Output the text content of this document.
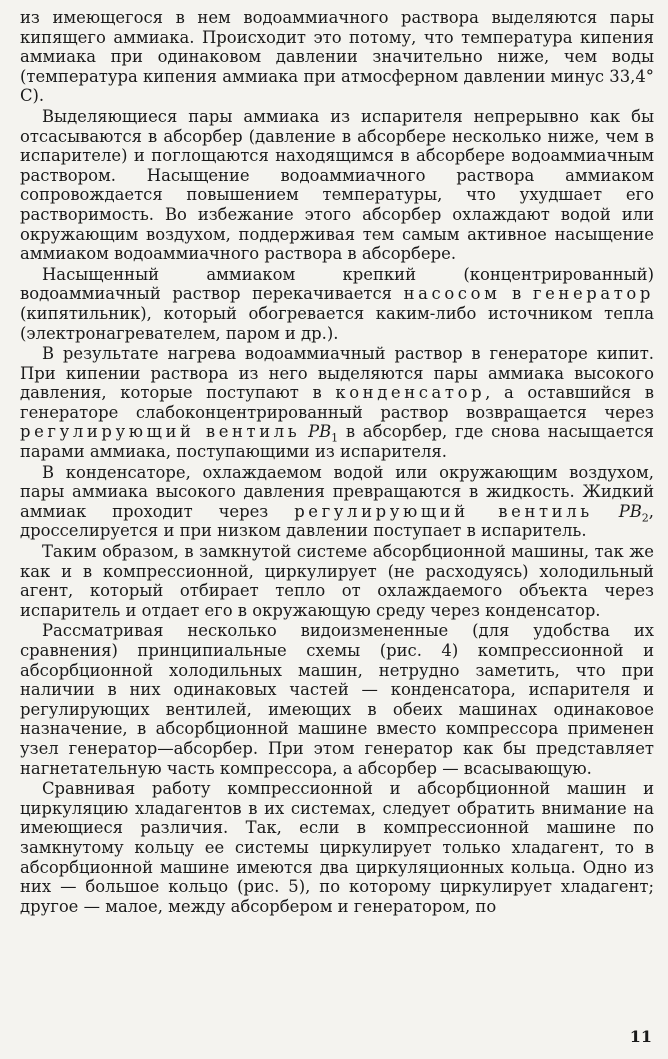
из имеющегося в нем водоаммиачного раствора выделяются пары кипящего аммиака. Происходит это потому, что температура кипения аммиака при одинаковом давлении значительно ниже, чем воды (температура кипения аммиака при атмосферном давлении минус 33,4° С).

Выделяющиеся пары аммиака из испарителя непрерывно как бы отсасываются в абсорбер (давление в абсорбере несколько ниже, чем в испарителе) и поглощаются находящимся в абсорбере водоаммиачным раствором. Насыщение водоаммиачного раствора аммиаком сопровождается повышением температуры, что ухудшает его растворимость. Во избежание этого абсорбер охлаждают водой или окружающим воздухом, поддерживая тем самым активное насыщение аммиаком водоаммиачного раствора в абсорбере.

Насыщенный аммиаком крепкий (концентрированный) водоаммиачный раствор перекачивается насосом в генератор (кипятильник), который обогревается каким-либо источником тепла (электронагревателем, паром и др.).

В результате нагрева водоаммиачный раствор в генераторе кипит. При кипении раствора из него выделяются пары аммиака высокого давления, которые поступают в конденсатор, а оставшийся в генераторе слабоконцентрированный раствор возвращается через регулирующий вентиль $PB_1$ в абсорбер, где снова насыщается парами аммиака, поступающими из испарителя.

В конденсаторе, охлаждаемом водой или окружающим воздухом, пары аммиака высокого давления превращаются в жидкость. Жидкий аммиак проходит через регулирующий вентиль $PB_2$, дросселируется и при низком давлении поступает в испаритель.

Таким образом, в замкнутой системе абсорбционной машины, так же как и в компрессионной, циркулирует (не расходуясь) холодильный агент, который отбирает тепло от охлаждаемого объекта через испаритель и отдает его в окружающую среду через конденсатор.

Рассматривая несколько видоизмененные (для удобства их сравнения) принципиальные схемы (рис. 4) компрессионной и абсорбционной холодильных машин, нетрудно заметить, что при наличии в них одинаковых частей — конденсатора, испарителя и регулирующих вентилей, имеющих в обеих машинах одинаковое назначение, в абсорбционной машине вместо компрессора применен узел генератор—абсорбер. При этом генератор как бы представляет нагнетательную часть компрессора, а абсорбер — всасывающую.

Сравнивая работу компрессионной и абсорбционной машин и циркуляцию хладагентов в их системах, следует обратить внимание на имеющиеся различия. Так, если в компрессионной машине по замкнутому кольцу ее системы циркулирует только хладагент, то в абсорбционной машине имеются два циркуляционных кольца. Одно из них — большое кольцо (рис. 5), по которому циркулирует хладагент; другое — малое, между абсорбером и генератором, по

11
